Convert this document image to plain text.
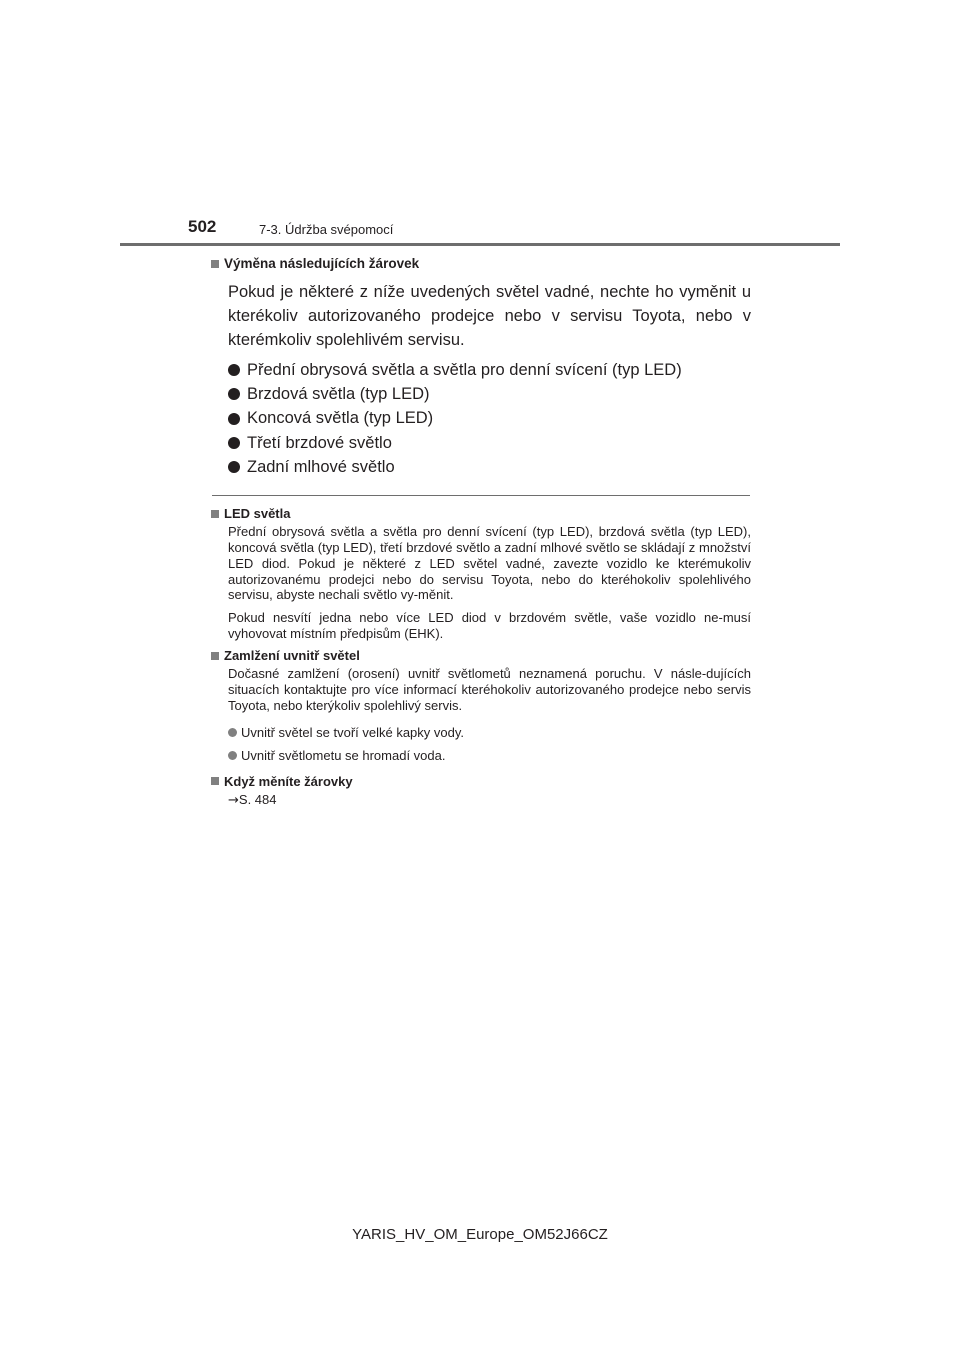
502	7-3. Údržba svépomocí
Výměna následujících žárovek

Pokud je některé z níže uvedených světel vadné, nechte ho vyměnit u kterékoliv autorizovaného prodejce nebo v servisu Toyota, nebo v kterémkoliv spolehlivém servisu.

Přední obrysová světla a světla pro denní svícení (typ LED)
Brzdová světla (typ LED)
Koncová světla (typ LED)
Třetí brzdové světlo
Zadní mlhové světlo
LED světla

Přední obrysová světla a světla pro denní svícení (typ LED), brzdová světla (typ LED), koncová světla (typ LED), třetí brzdové světlo a zadní mlhové světlo se skládají z množství LED diod. Pokud je některé z LED světel vadné, zavezte vozidlo ke kterémukoliv autorizovanému prodejci nebo do servisu Toyota, nebo do kteréhokoliv spolehlivého servisu, abyste nechali světlo vy-měnit.

Pokud nesvítí jedna nebo více LED diod v brzdovém světle, vaše vozidlo ne-musí vyhovovat místním předpisům (EHK).

Zamlžení uvnitř světel

Dočasné zamlžení (orosení) uvnitř světlometů neznamená poruchu. V násle-dujících situacích kontaktujte pro více informací kteréhokoliv autorizovaného prodejce nebo servis Toyota, nebo kterýkoliv spolehlivý servis.

Uvnitř světel se tvoří velké kapky vody.
Uvnitř světlometu se hromadí voda.
Když měníte žárovky

→S. 484

YARIS_HV_OM_Europe_OM52J66CZ
